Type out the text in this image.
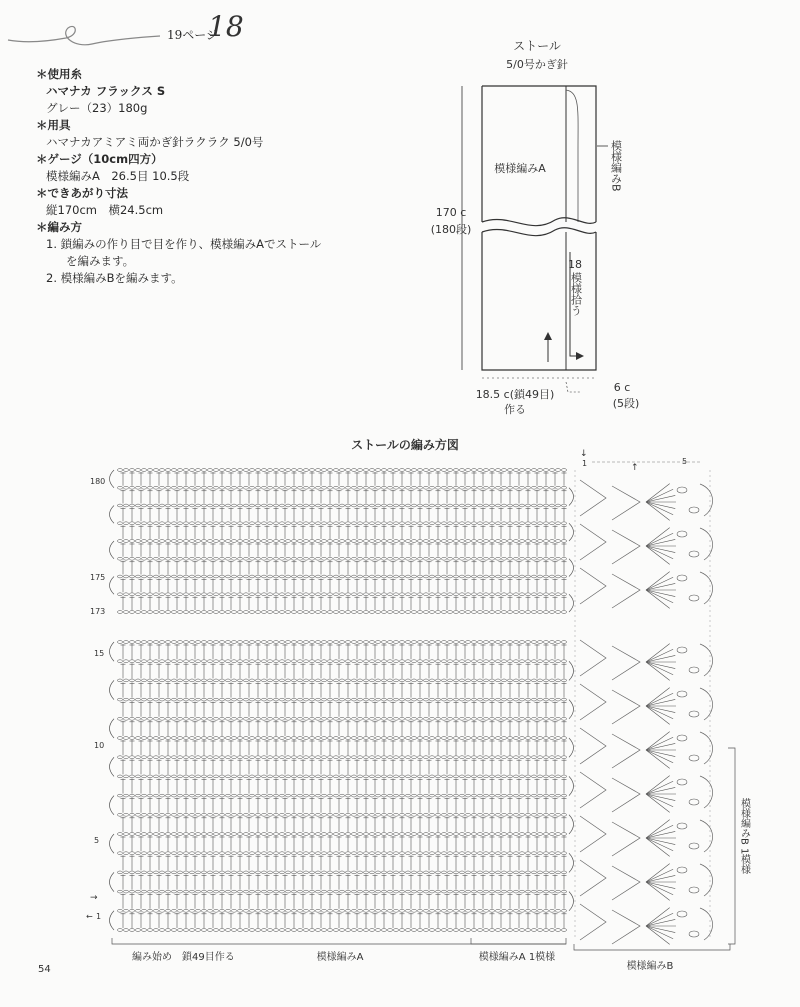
19ページ
18
＊使用糸
ハマナカ フラックス S
グレー（23）180g
＊用具
ハマナカアミアミ両かぎ針ラクラク 5/0号
＊ゲージ（10cm四方）
模様編みA　26.5目 10.5段
＊できあがり寸法
縦170cm　横24.5cm
＊編み方
1. 鎖編みの作り目で目を作り、模様編みAでストール
を編みます。
2. 模様編みBを編みます。
ストール
5/0号かぎ針
170 c
(180段)
模様編みA	模様編みB
18
模様拾う
18.5 c(鎖49目)
作る
6 c
(5段)
ストールの編み方図
180
175
173
15
10
5
→
← 1
↓
1	↑
5
編み始め　鎖49目作る	模様編みA	模様編みA 1模様
模様編みB
模様編みB 1模様
54
